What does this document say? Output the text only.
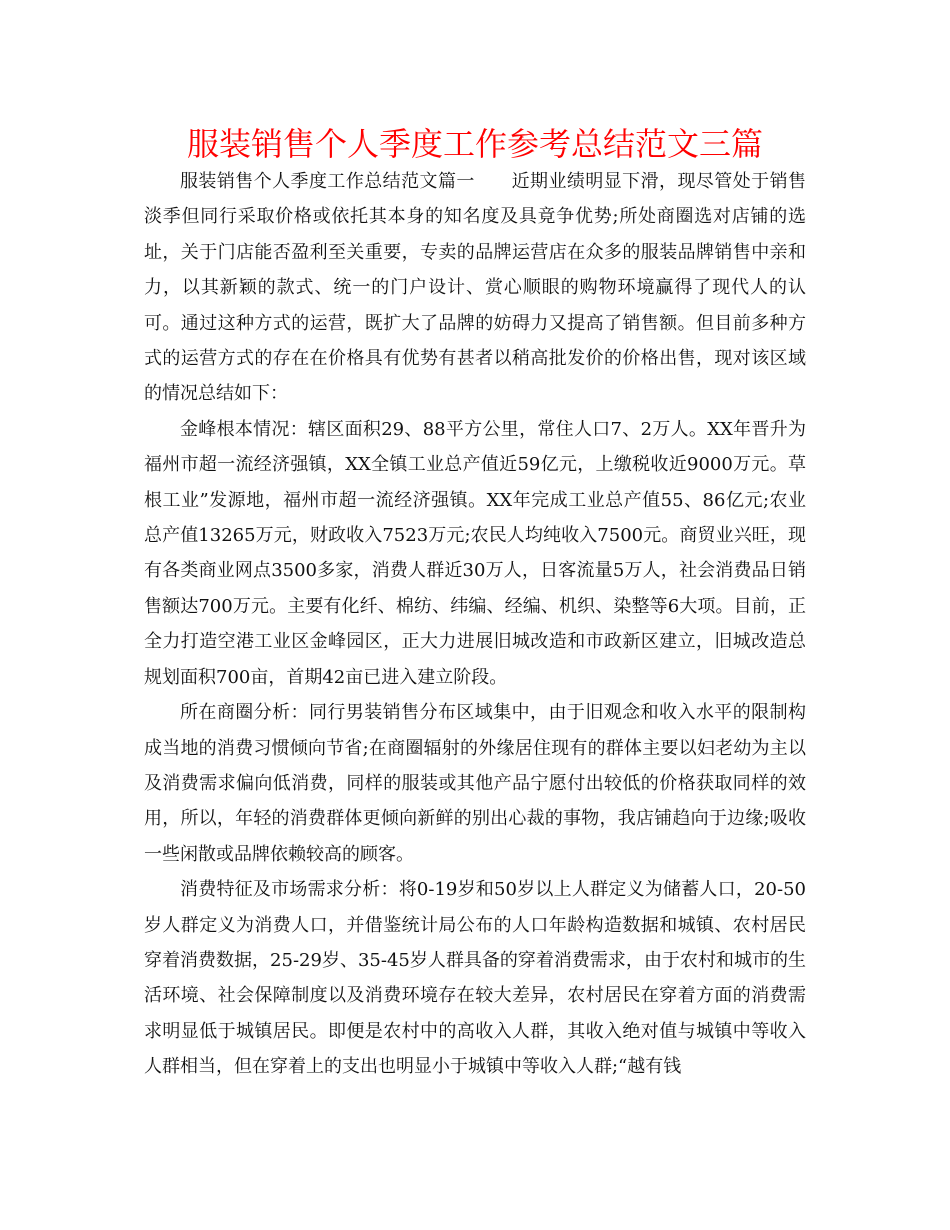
服装销售个人季度工作参考总结范文三篇

服装销售个人季度工作总结范文篇一　　近期业绩明显下滑，现尽管处于销售淡季但同行采取价格或依托其本身的知名度及具竟争优势;所处商圈选对店铺的选址，关于门店能否盈利至关重要，专卖的品牌运营店在众多的服装品牌销售中亲和力，以其新颖的款式、统一的门户设计、赏心顺眼的购物环境赢得了现代人的认可。通过这种方式的运营，既扩大了品牌的妨碍力又提高了销售额。但目前多种方式的运营方式的存在在价格具有优势有甚者以稍高批发价的价格出售，现对该区域的情况总结如下：

金峰根本情况：辖区面积29、88平方公里，常住人口7、2万人。XX年晋升为福州市超一流经济强镇，XX全镇工业总产值近59亿元，上缴税收近9000万元。草根工业”发源地，福州市超一流经济强镇。XX年完成工业总产值55、86亿元;农业总产值13265万元，财政收入7523万元;农民人均纯收入7500元。商贸业兴旺，现有各类商业网点3500多家，消费人群近30万人，日客流量5万人，社会消费品日销售额达700万元。主要有化纤、棉纺、纬编、经编、机织、染整等6大项。目前，正全力打造空港工业区金峰园区，正大力进展旧城改造和市政新区建立，旧城改造总规划面积700亩，首期42亩已进入建立阶段。

所在商圈分析：同行男装销售分布区域集中，由于旧观念和收入水平的限制构成当地的消费习惯倾向节省;在商圈辐射的外缘居住现有的群体主要以妇老幼为主以及消费需求偏向低消费，同样的服装或其他产品宁愿付出较低的价格获取同样的效用，所以，年轻的消费群体更倾向新鲜的别出心裁的事物，我店铺趋向于边缘;吸收一些闲散或品牌依赖较高的顾客。

消费特征及市场需求分析：将0-19岁和50岁以上人群定义为储蓄人口，20-50岁人群定义为消费人口，并借鉴统计局公布的人口年龄构造数据和城镇、农村居民穿着消费数据，25-29岁、35-45岁人群具备的穿着消费需求，由于农村和城市的生活环境、社会保障制度以及消费环境存在较大差异，农村居民在穿着方面的消费需求明显低于城镇居民。即便是农村中的高收入人群，其收入绝对值与城镇中等收入人群相当，但在穿着上的支出也明显小于城镇中等收入人群;“越有钱
